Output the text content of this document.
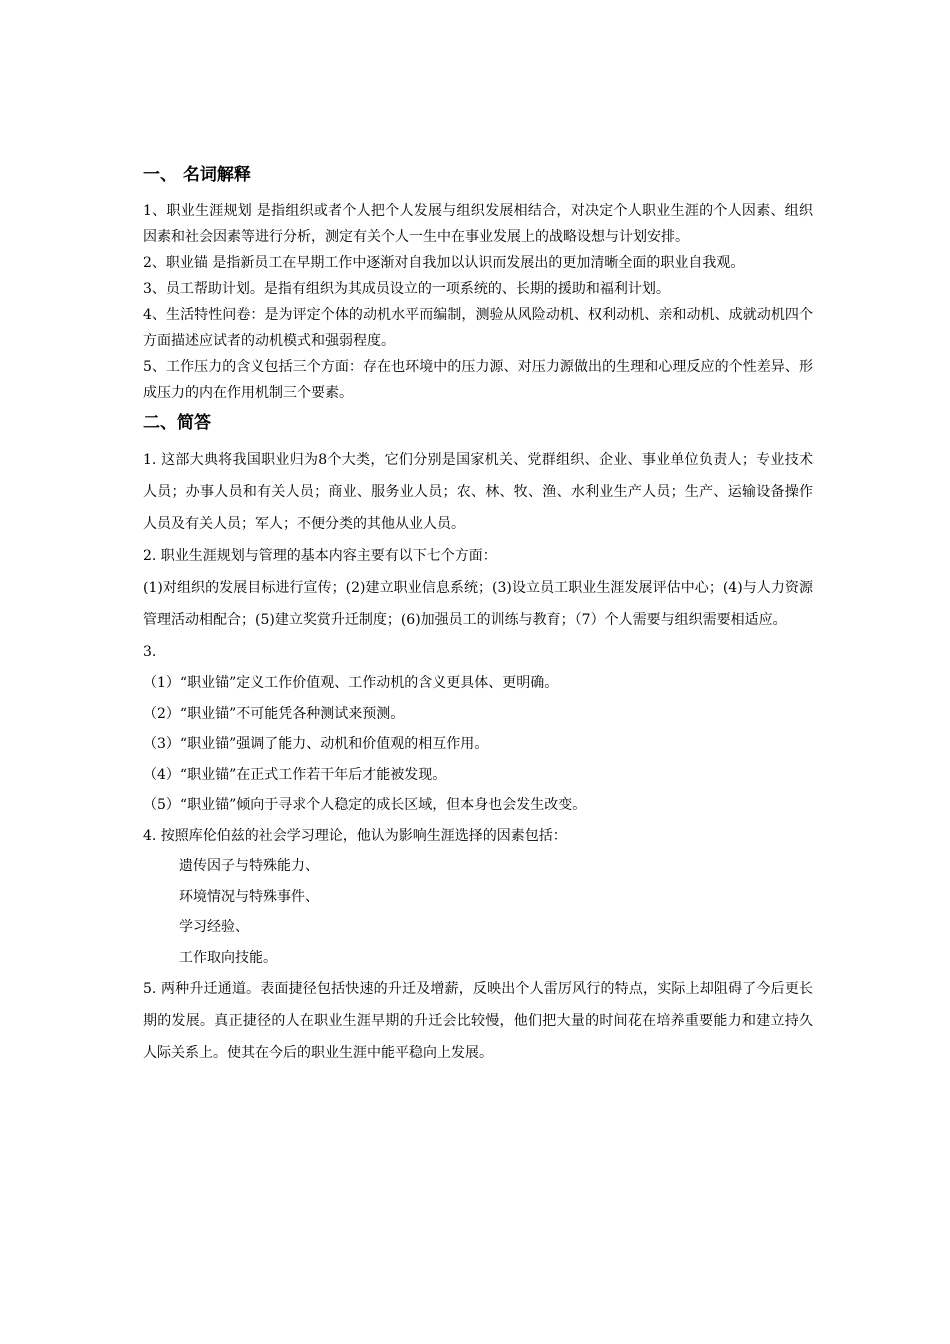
一、 名词解释

1、职业生涯规划 是指组织或者个人把个人发展与组织发展相结合，对决定个人职业生涯的个人因素、组织因素和社会因素等进行分析，测定有关个人一生中在事业发展上的战略设想与计划安排。

2、职业锚 是指新员工在早期工作中逐渐对自我加以认识而发展出的更加清晰全面的职业自我观。

3、员工帮助计划。是指有组织为其成员设立的一项系统的、长期的援助和福利计划。

4、生活特性问卷：是为评定个体的动机水平而编制，测验从风险动机、权利动机、亲和动机、成就动机四个方面描述应试者的动机模式和强弱程度。

5、工作压力的含义包括三个方面：存在也环境中的压力源、对压力源做出的生理和心理反应的个性差异、形成压力的内在作用机制三个要素。

二、简答

1. 这部大典将我国职业归为8个大类，它们分别是国家机关、党群组织、企业、事业单位负责人；专业技术人员；办事人员和有关人员；商业、服务业人员；农、林、牧、渔、水利业生产人员；生产、运输设备操作人员及有关人员；军人；不便分类的其他从业人员。

2. 职业生涯规划与管理的基本内容主要有以下七个方面：

(1)对组织的发展目标进行宣传；(2)建立职业信息系统；(3)设立员工职业生涯发展评估中心；(4)与人力资源管理活动相配合；(5)建立奖赏升迁制度；(6)加强员工的训练与教育；（7）个人需要与组织需要相适应。

3.

（1）“职业锚”定义工作价值观、工作动机的含义更具体、更明确。

（2）“职业锚”不可能凭各种测试来预测。

（3）“职业锚”强调了能力、动机和价值观的相互作用。

（4）“职业锚”在正式工作若干年后才能被发现。

（5）“职业锚”倾向于寻求个人稳定的成长区域，但本身也会发生改变。

4. 按照库伦伯兹的社会学习理论，他认为影响生涯选择的因素包括：

遗传因子与特殊能力、

环境情况与特殊事件、

学习经验、

工作取向技能。

5. 两种升迁通道。表面捷径包括快速的升迁及增薪，反映出个人雷厉风行的特点，实际上却阻碍了今后更长期的发展。真正捷径的人在职业生涯早期的升迁会比较慢，他们把大量的时间花在培养重要能力和建立持久人际关系上。使其在今后的职业生涯中能平稳向上发展。
